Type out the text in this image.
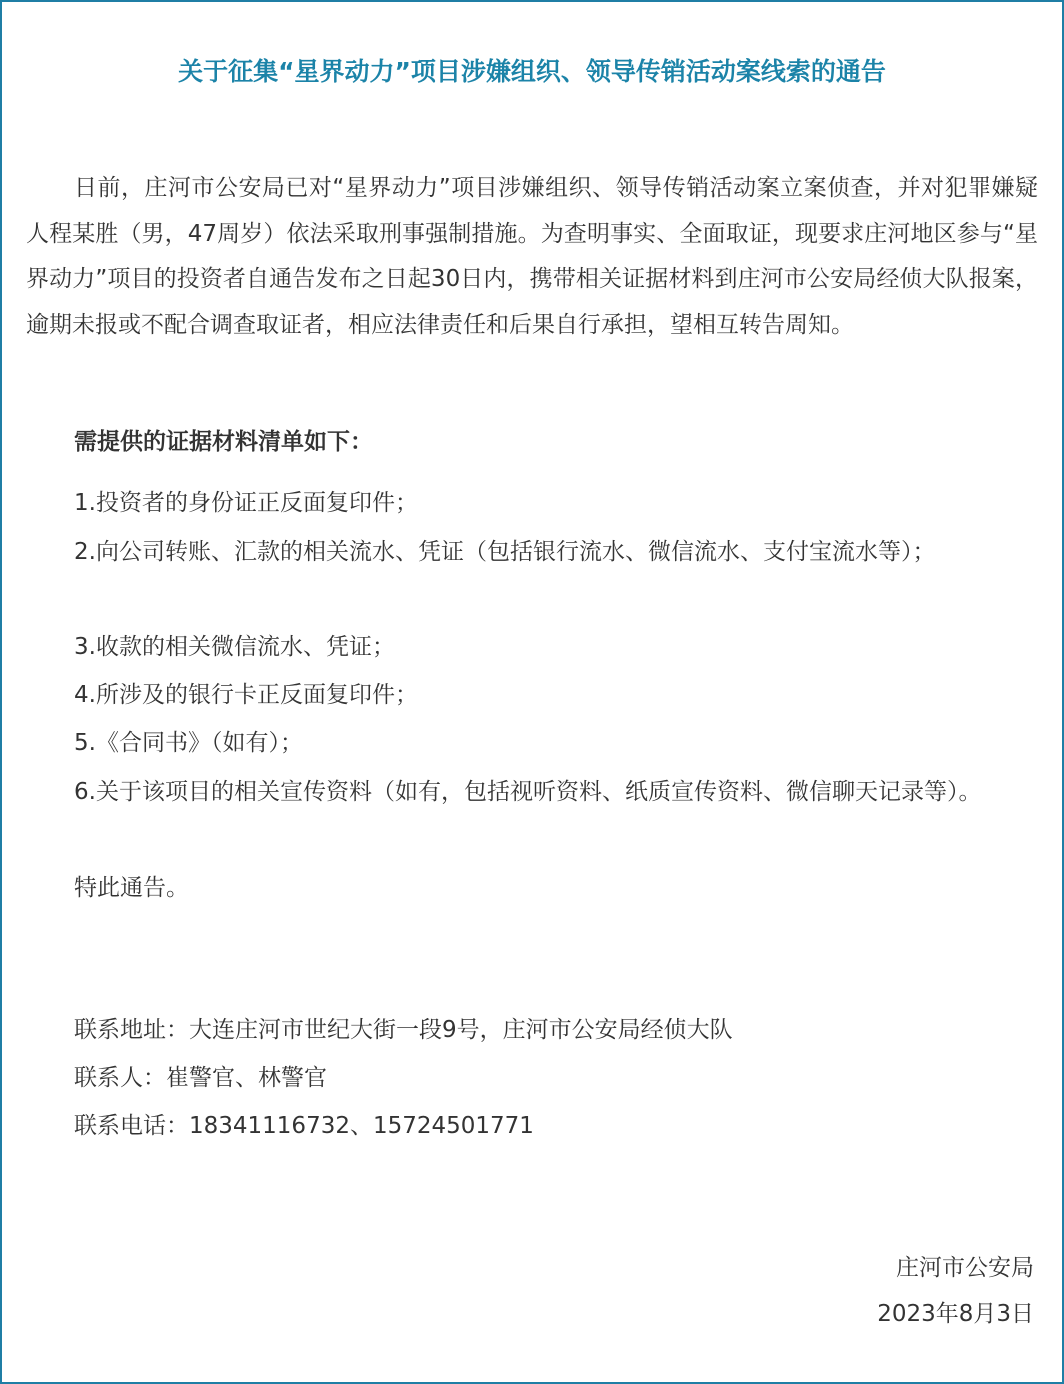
关于征集“星界动力”项目涉嫌组织、领导传销活动案线索的通告
日前，庄河市公安局已对“星界动力”项目涉嫌组织、领导传销活动案立案侦查，并对犯罪嫌疑人程某胜（男，47周岁）依法采取刑事强制措施。为查明事实、全面取证，现要求庄河地区参与“星界动力”项目的投资者自通告发布之日起30日内，携带相关证据材料到庄河市公安局经侦大队报案，逾期未报或不配合调查取证者，相应法律责任和后果自行承担，望相互转告周知。
需提供的证据材料清单如下：
1.投资者的身份证正反面复印件；
2.向公司转账、汇款的相关流水、凭证（包括银行流水、微信流水、支付宝流水等）；
3.收款的相关微信流水、凭证；
4.所涉及的银行卡正反面复印件；
5.《合同书》（如有）；
6.关于该项目的相关宣传资料（如有，包括视听资料、纸质宣传资料、微信聊天记录等）。
特此通告。
联系地址：大连庄河市世纪大街一段9号，庄河市公安局经侦大队
联系人：崔警官、林警官
联系电话：18341116732、15724501771
庄河市公安局
2023年8月3日
